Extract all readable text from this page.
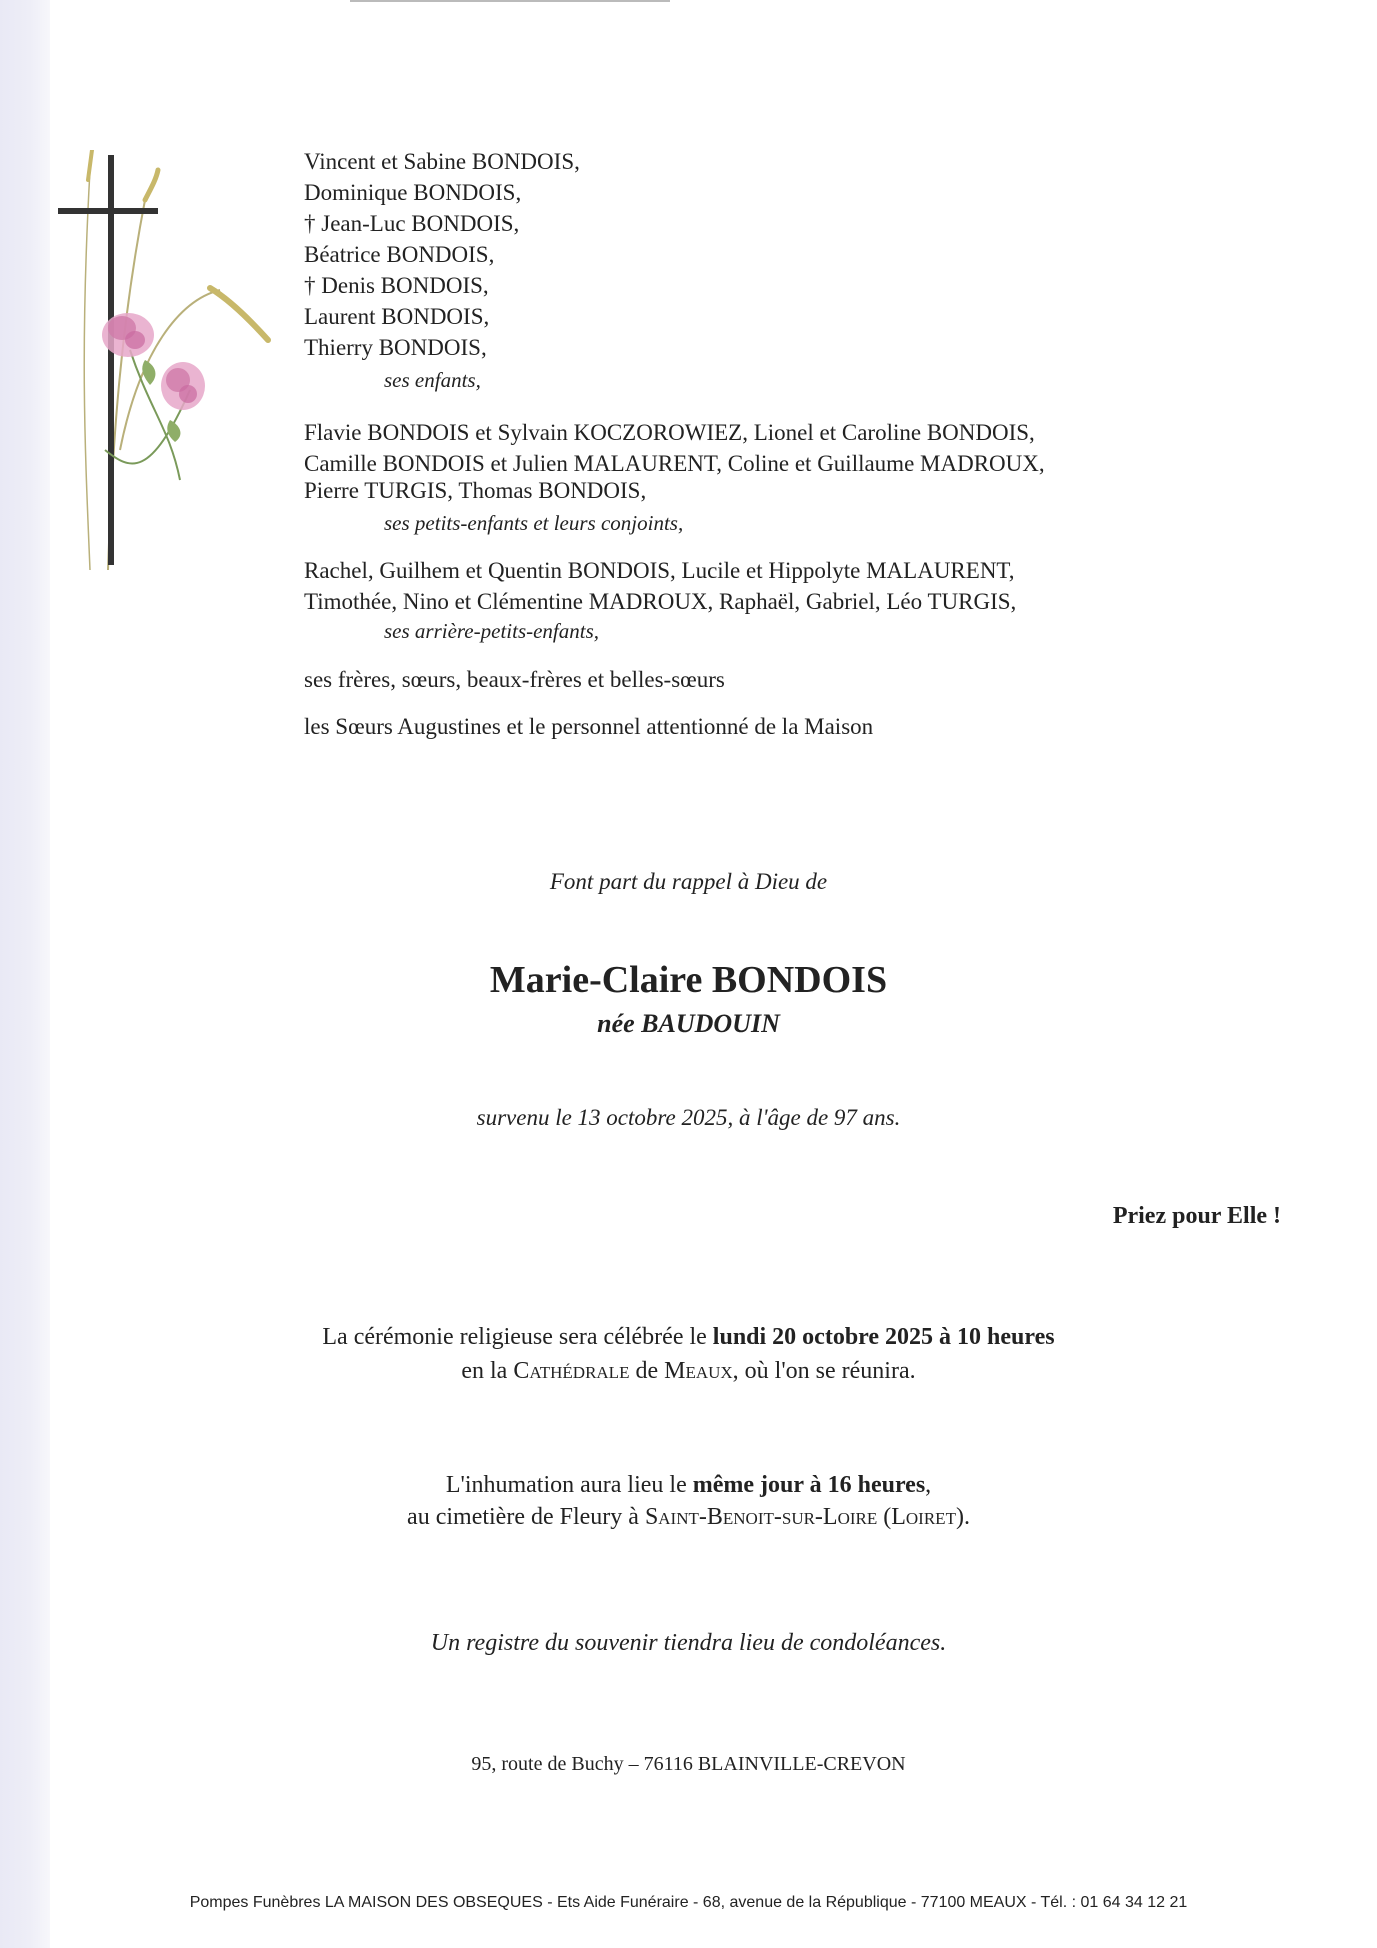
Vincent et Sabine BONDOIS,
Dominique BONDOIS,
† Jean-Luc BONDOIS,
Béatrice BONDOIS,
† Denis BONDOIS,
Laurent BONDOIS,
Thierry BONDOIS,
ses enfants,
Flavie BONDOIS et Sylvain KOCZOROWIEZ, Lionel et Caroline BONDOIS,
Camille BONDOIS et Julien MALAURENT, Coline et Guillaume MADROUX,
Pierre TURGIS, Thomas BONDOIS,
ses petits-enfants et leurs conjoints,
Rachel, Guilhem et Quentin BONDOIS, Lucile et Hippolyte MALAURENT,
Timothée, Nino et Clémentine MADROUX, Raphaël, Gabriel, Léo TURGIS,
ses arrière-petits-enfants,
ses frères, sœurs, beaux-frères et belles-sœurs
les Sœurs Augustines et le personnel attentionné de la Maison
Font part du rappel à Dieu de
Marie-Claire BONDOIS
née BAUDOUIN
survenu le 13 octobre 2025, à l'âge de 97 ans.
Priez pour Elle !
La cérémonie religieuse sera célébrée le lundi 20 octobre 2025 à 10 heures
en la Cathédrale de Meaux, où l'on se réunira.
L'inhumation aura lieu le même jour à 16 heures,
au cimetière de Fleury à Saint-Benoit-sur-Loire (Loiret).
Un registre du souvenir tiendra lieu de condoléances.
95, route de Buchy – 76116 BLAINVILLE-CREVON
Pompes Funèbres LA MAISON DES OBSEQUES - Ets Aide Funéraire - 68, avenue de la République - 77100 MEAUX - Tél. : 01 64 34 12 21
